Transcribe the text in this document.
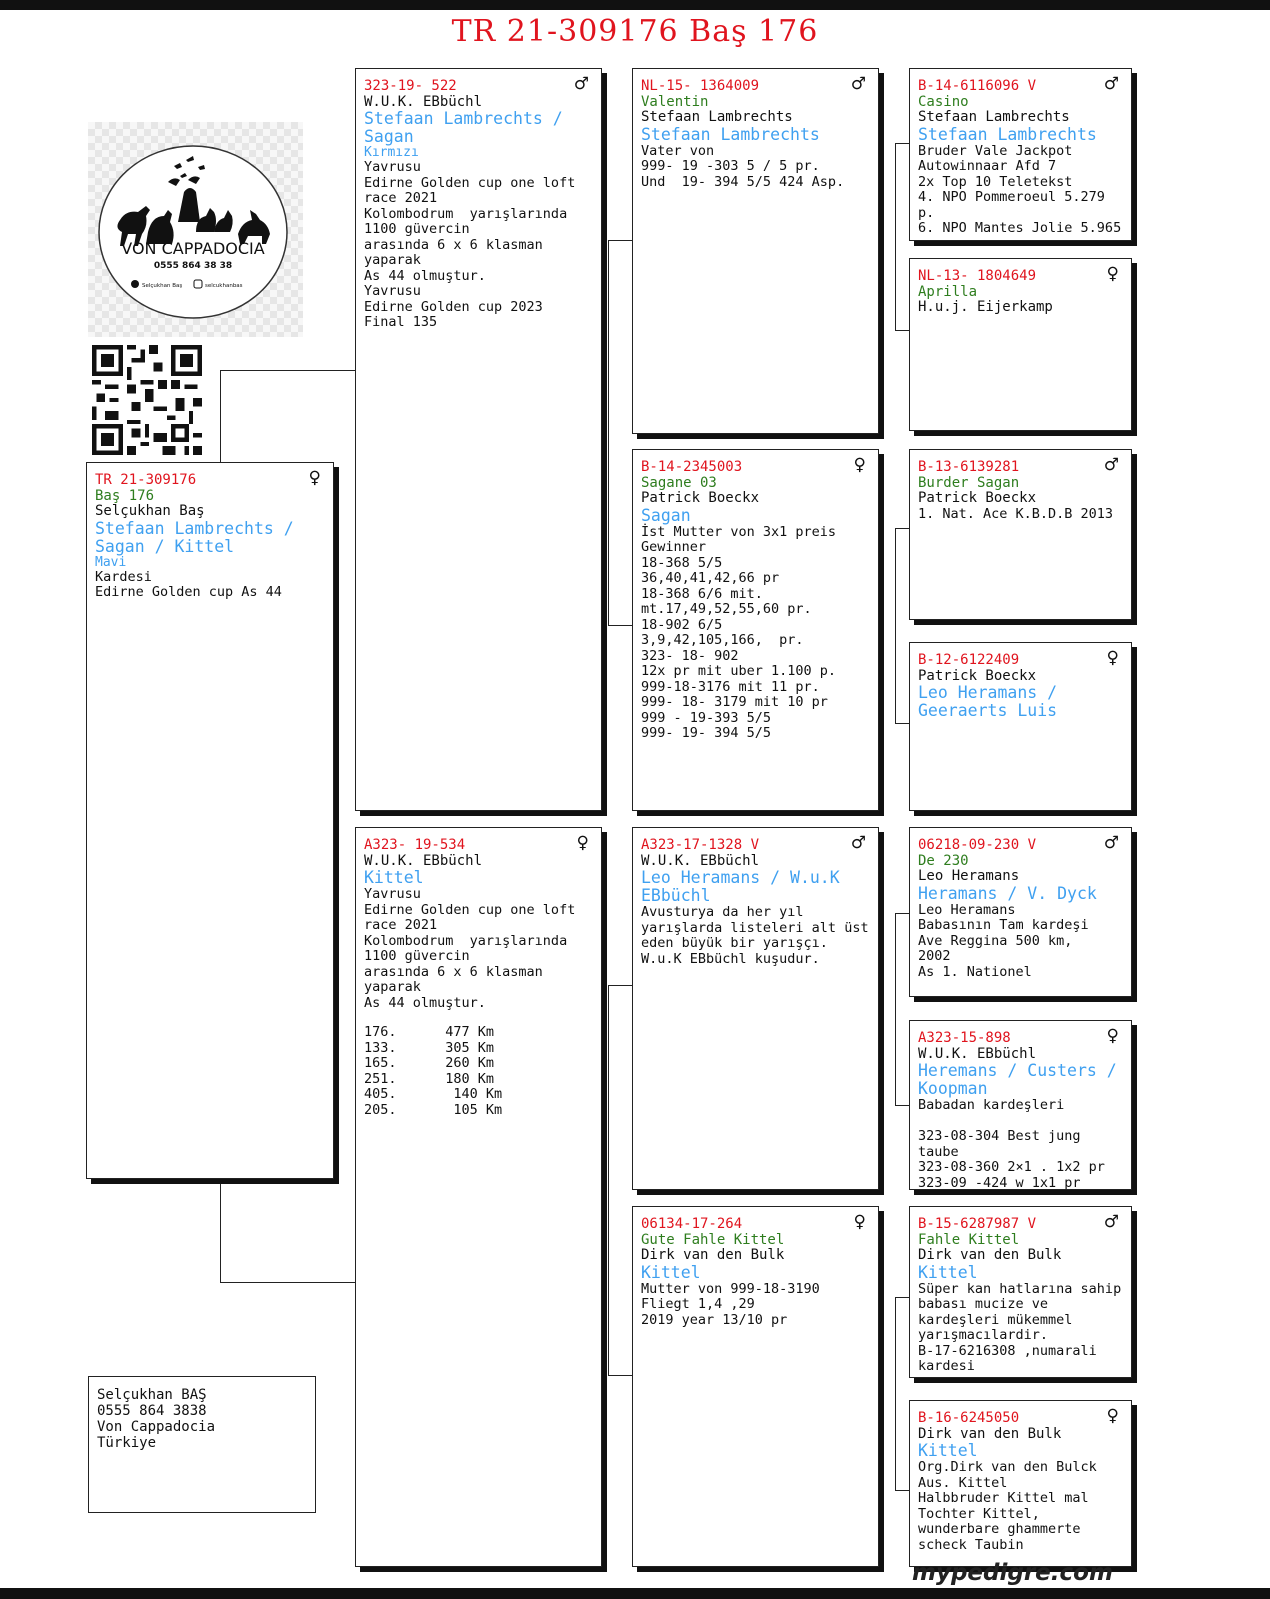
TR 21-309176 Baş 176
VON CAPPADOCIA
0555 864 38 38
Selçukhan Baş	selcukhanbas
♀
TR 21-309176
Baş 176
Selçukhan Baş
Stefaan Lambrechts /
Sagan / Kittel
Mavi
Kardesi
Edirne Golden cup As 44
♂
323-19- 522
W.U.K. EBbüchl
Stefaan Lambrechts /
Sagan
Kırmızı
Yavrusu
Edirne Golden cup one loft
race 2021
Kolombodrum  yarışlarında
1100 güvercin
arasında 6 x 6 klasman
yaparak
As 44 olmuştur.
Yavrusu
Edirne Golden cup 2023
Final 135
♀
A323- 19-534
W.U.K. EBbüchl
Kittel
Yavrusu
Edirne Golden cup one loft
race 2021
Kolombodrum  yarışlarında
1100 güvercin
arasında 6 x 6 klasman
yaparak
As 44 olmuştur.
176.      477 Km
133.      305 Km
165.      260 Km
251.      180 Km
405.       140 Km
205.       105 Km
♂
NL-15- 1364009
Valentin
Stefaan Lambrechts
Stefaan Lambrechts
Vater von
999- 19 -303 5 / 5 pr.
Und  19- 394 5/5 424 Asp.
♀
B-14-2345003
Sagane 03
Patrick Boeckx
Sagan
İst Mutter von 3x1 preis
Gewinner
18-368 5/5
36,40,41,42,66 pr
18-368 6/6 mit.
mt.17,49,52,55,60 pr.
18-902 6/5
3,9,42,105,166,  pr.
323- 18- 902
12x pr mit uber 1.100 p.
999-18-3176 mit 11 pr.
999- 18- 3179 mit 10 pr
999 - 19-393 5/5
999- 19- 394 5/5
♂
A323-17-1328 V
W.U.K. EBbüchl
Leo Heramans / W.u.K
EBbüchl
Avusturya da her yıl
yarışlarda listeleri alt üst
eden büyük bir yarışçı.
W.u.K EBbüchl kuşudur.
♀
06134-17-264
Gute Fahle Kittel
Dirk van den Bulk
Kittel
Mutter von 999-18-3190
Fliegt 1,4 ,29
2019 year 13/10 pr
♂
B-14-6116096 V
Casino
Stefaan Lambrechts
Stefaan Lambrechts
Bruder Vale Jackpot
Autowinnaar Afd 7
2x Top 10 Teletekst
4. NPO Pommeroeul 5.279
p.
6. NPO Mantes Jolie 5.965
♀
NL-13- 1804649
Aprilla
H.u.j. Eijerkamp
♂
B-13-6139281
Burder Sagan
Patrick Boeckx
1. Nat. Ace K.B.D.B 2013
♀
B-12-6122409
Patrick Boeckx
Leo Heramans /
Geeraerts Luis
♂
06218-09-230 V
De 230
Leo Heramans
Heramans / V. Dyck
Leo Heramans
Babasının Tam kardeşi
Ave Reggina 500 km,
2002
As 1. Nationel
♀
A323-15-898
W.U.K. EBbüchl
Heremans / Custers /
Koopman
Babadan kardeşleri

323-08-304 Best jung
taube
323-08-360 2×1 . 1x2 pr
323-09 -424 w 1x1 pr
♂
B-15-6287987 V
Fahle Kittel
Dirk van den Bulk
Kittel
Süper kan hatlarına sahip
babası mucize ve
kardeşleri mükemmel
yarışmacılardir.
B-17-6216308 ,numarali
kardesi
♀
B-16-6245050
Dirk van den Bulk
Kittel
Org.Dirk van den Bulck
Aus. Kittel
Halbbruder Kittel mal
Tochter Kittel,
wunderbare ghammerte
scheck Taubin
Selçukhan BAŞ
0555 864 3838
Von Cappadocia
Türkiye
mypedigre.com
